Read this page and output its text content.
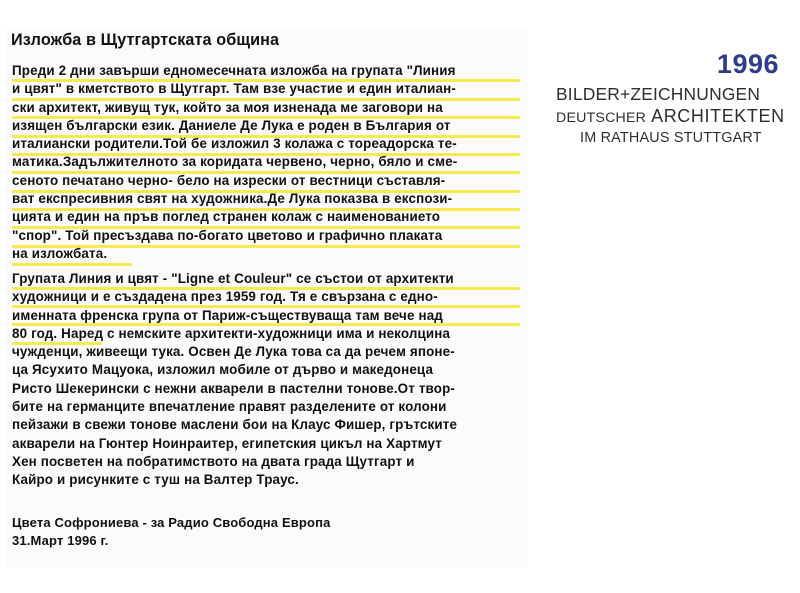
Изложба в Щутгартската община
Преди 2 дни завърши едномесечната изложба на групата "Линия
и цвят" в кметството в Щутгарт. Там взе участие и един италиан-
ски архитект, живущ тук, който за моя изненада ме заговори на
изящен български език. Даниеле Де Лука е роден в България от
италиански родители.Той бе изложил 3 колажа с тореадорска те-
матика.Задължителното за коридата червено, черно, бяло и сме-
сеното печатано черно- бело на изрески от вестници съставля-
ват експресивния свят на художника.Де Лука показва в експози-
цията и един на пръв поглед странен колаж с наименованието
"спор". Той пресъздава по-богато цветово и графично плаката
на изложбата.
Групата Линия и цвят - "Ligne et Couleur" се състои от архитекти
художници и е създадена през 1959 год. Тя е свързана с едно-
именната френска група от Париж-съществуваща там вече над
80 год. Наред с немските архитекти-художници има и неколцина
чужденци, живеещи тука. Освен Де Лука това са да речем японе-
ца Ясухито Мацуока, изложил мобиле от дърво и македонеца
Ристо Шекерински с нежни акварели в пастелни тонове.От твор-
бите на германците впечатление правят разделените от колони
пейзажи в свежи тонове маслени бои на Клаус Фишер, грътските
акварели на Гюнтер Ноинраитер, египетския цикъл на Хартмут
Хен посветен на побратимството на двата града Щутгарт и
Кайро и рисунките с туш на Валтер Траус.
Цвета Софрониева - за Радио Свободна Европа
31.Март 1996 г.
1996
BILDER+ZEICHNUNGEN
DEUTSCHER ARCHITEKTEN
IM RATHAUS STUTTGART
